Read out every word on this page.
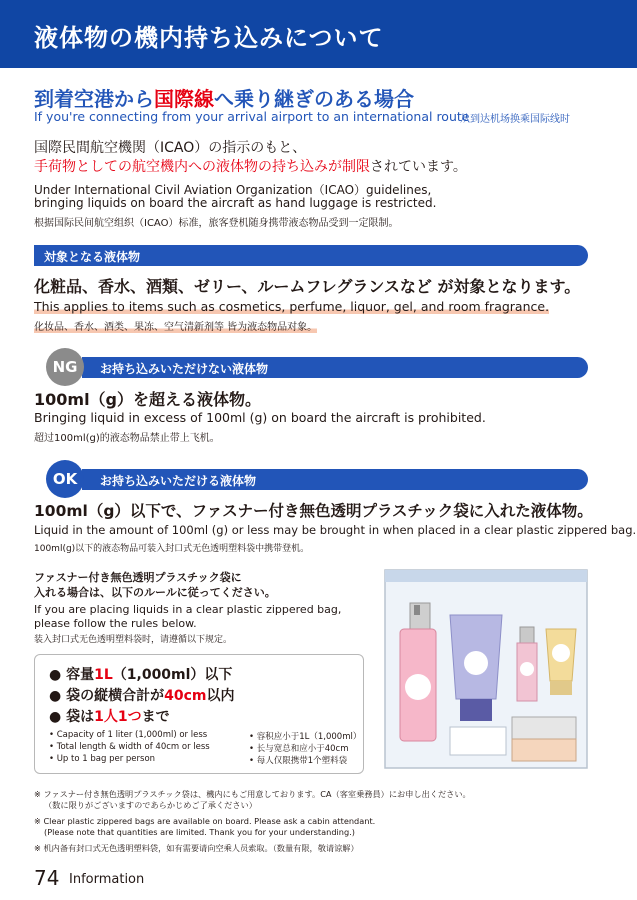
液体物の機内持ち込みについて
到着空港から国際線へ乗り継ぎのある場合
If you're connecting from your arrival airport to an international route
从到达机场换乘国际线时
国際民間航空機関（ICAO）の指示のもと、
手荷物としての航空機内への液体物の持ち込みが制限されています。
Under International Civil Aviation Organization（ICAO）guidelines,
bringing liquids on board the aircraft as hand luggage is restricted.
根据国际民间航空组织（ICAO）标准，旅客登机随身携带液态物品受到一定限制。
対象となる液体物
化粧品、香水、酒類、ゼリー、ルームフレグランスなど が対象となります。
This applies to items such as cosmetics, perfume, liquor, gel, and room fragrance.
化妆品、香水、酒类、果冻、空气清新剂等 皆为液态物品对象。
お持ち込みいただけない液体物
NG
100ml（g）を超える液体物。
Bringing liquid in excess of 100ml (g) on board the aircraft is prohibited.
超过100ml(g)的液态物品禁止带上飞机。
お持ち込みいただける液体物
OK
100ml（g）以下で、ファスナー付き無色透明プラスチック袋に入れた液体物。
Liquid in the amount of 100ml (g) or less may be brought in when placed in a clear plastic zippered bag.
100ml(g)以下的液态物品可装入封口式无色透明塑料袋中携带登机。
ファスナー付き無色透明プラスチック袋に
入れる場合は、以下のルールに従ってください。
If you are placing liquids in a clear plastic zippered bag,
please follow the rules below.
装入封口式无色透明塑料袋时，请遵循以下规定。
● 容量1L（1,000ml）以下
● 袋の縦横合計が40cm以内
● 袋は1人1つまで
• Capacity of 1 liter (1,000ml) or less
• Total length & width of 40cm or less
• Up to 1 bag per person
• 容积应小于1L（1,000ml）
• 长与宽总和应小于40cm
• 每人仅限携带1个塑料袋
※ ファスナー付き無色透明プラスチック袋は、機内にもご用意しております。CA（客室乗務員）にお申し出ください。
（数に限りがございますのであらかじめご了承ください）
※ Clear plastic zippered bags are available on board. Please ask a cabin attendant.
(Please note that quantities are limited. Thank you for your understanding.)
※ 机内备有封口式无色透明塑料袋，如有需要请向空乘人员索取。（数量有限，敬请谅解）
74 Information
